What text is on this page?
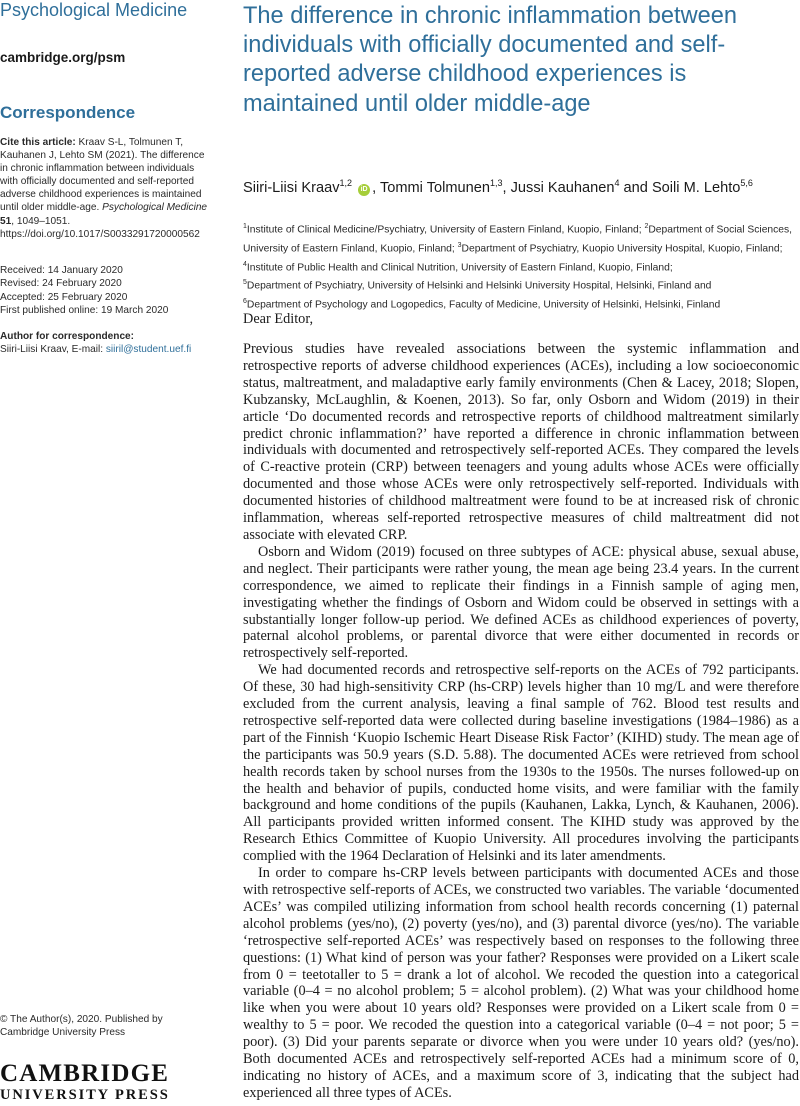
Psychological Medicine
cambridge.org/psm
Correspondence
Cite this article: Kraav S-L, Tolmunen T, Kauhanen J, Lehto SM (2021). The difference in chronic inflammation between individuals with officially documented and self-reported adverse childhood experiences is maintained until older middle-age. Psychological Medicine 51, 1049–1051. https://doi.org/10.1017/S0033291720000562
Received: 14 January 2020
Revised: 24 February 2020
Accepted: 25 February 2020
First published online: 19 March 2020
Author for correspondence:
Siiri-Liisi Kraav, E-mail: siiril@student.uef.fi
© The Author(s), 2020. Published by Cambridge University Press
CAMBRIDGE
UNIVERSITY PRESS
The difference in chronic inflammation between individuals with officially documented and self-reported adverse childhood experiences is maintained until older middle-age
Siiri-Liisi Kraav$^{1,2}$ iD , Tommi Tolmunen$^{1,3}$, Jussi Kauhanen$^4$ and Soili M. Lehto$^{5,6}$
$^1$Institute of Clinical Medicine/Psychiatry, University of Eastern Finland, Kuopio, Finland; $^2$Department of Social Sciences, University of Eastern Finland, Kuopio, Finland; $^3$Department of Psychiatry, Kuopio University Hospital, Kuopio, Finland; $^4$Institute of Public Health and Clinical Nutrition, University of Eastern Finland, Kuopio, Finland;
$^5$Department of Psychiatry, University of Helsinki and Helsinki University Hospital, Helsinki, Finland and
$^6$Department of Psychology and Logopedics, Faculty of Medicine, University of Helsinki, Helsinki, Finland
Dear Editor,

Previous studies have revealed associations between the systemic inflammation and retrospective reports of adverse childhood experiences (ACEs), including a low socioeconomic status, maltreatment, and maladaptive early family environments (Chen & Lacey, 2018; Slopen, Kubzansky, McLaughlin, & Koenen, 2013). So far, only Osborn and Widom (2019) in their article ‘Do documented records and retrospective reports of childhood maltreatment similarly predict chronic inflammation?’ have reported a difference in chronic inflammation between individuals with documented and retrospectively self-reported ACEs. They compared the levels of C-reactive protein (CRP) between teenagers and young adults whose ACEs were officially documented and those whose ACEs were only retrospectively self-reported. Individuals with documented histories of childhood maltreatment were found to be at increased risk of chronic inflammation, whereas self-reported retrospective measures of child maltreatment did not associate with elevated CRP.

Osborn and Widom (2019) focused on three subtypes of ACE: physical abuse, sexual abuse, and neglect. Their participants were rather young, the mean age being 23.4 years. In the current correspondence, we aimed to replicate their findings in a Finnish sample of aging men, investigating whether the findings of Osborn and Widom could be observed in settings with a substantially longer follow-up period. We defined ACEs as childhood experiences of poverty, paternal alcohol problems, or parental divorce that were either documented in records or retrospectively self-reported.

We had documented records and retrospective self-reports on the ACEs of 792 participants. Of these, 30 had high-sensitivity CRP (hs-CRP) levels higher than 10 mg/L and were therefore excluded from the current analysis, leaving a final sample of 762. Blood test results and retrospective self-reported data were collected during baseline investigations (1984–1986) as a part of the Finnish ‘Kuopio Ischemic Heart Disease Risk Factor’ (KIHD) study. The mean age of the participants was 50.9 years (S.D. 5.88). The documented ACEs were retrieved from school health records taken by school nurses from the 1930s to the 1950s. The nurses followed-up on the health and behavior of pupils, conducted home visits, and were familiar with the family background and home conditions of the pupils (Kauhanen, Lakka, Lynch, & Kauhanen, 2006). All participants provided written informed consent. The KIHD study was approved by the Research Ethics Committee of Kuopio University. All procedures involving the participants complied with the 1964 Declaration of Helsinki and its later amendments.

In order to compare hs-CRP levels between participants with documented ACEs and those with retrospective self-reports of ACEs, we constructed two variables. The variable ‘documented ACEs’ was compiled utilizing information from school health records concerning (1) paternal alcohol problems (yes/no), (2) poverty (yes/no), and (3) parental divorce (yes/no). The variable ‘retrospective self-reported ACEs’ was respectively based on responses to the following three questions: (1) What kind of person was your father? Responses were provided on a Likert scale from 0 = teetotaller to 5 = drank a lot of alcohol. We recoded the question into a categorical variable (0–4 = no alcohol problem; 5 = alcohol problem). (2) What was your childhood home like when you were about 10 years old? Responses were provided on a Likert scale from 0 = wealthy to 5 = poor. We recoded the question into a categorical variable (0–4 = not poor; 5 = poor). (3) Did your parents separate or divorce when you were under 10 years old? (yes/no). Both documented ACEs and retrospectively self-reported ACEs had a minimum score of 0, indicating no history of ACEs, and a maximum score of 3, indicating that the subject had experienced all three types of ACEs.
